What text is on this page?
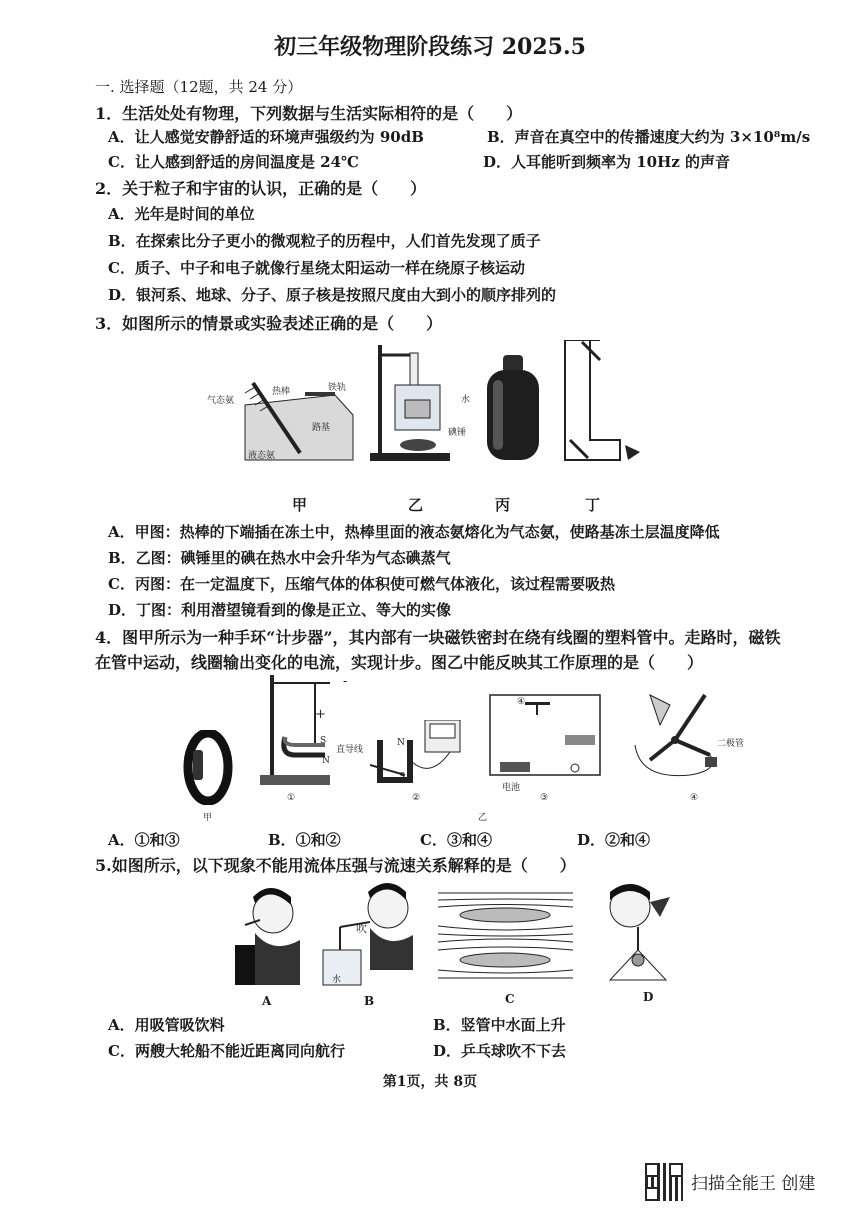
初三年级物理阶段练习 2025.5
一. 选择题（12题，共 24 分）
1．生活处处有物理，下列数据与生活实际相符的是（　　）
A．让人感觉安静舒适的环境声强级约为 90dB	B．声音在真空中的传播速度大约为 3×10⁸m/s
C．让人感到舒适的房间温度是 24℃	D．人耳能听到频率为 10Hz 的声音
2．关于粒子和宇宙的认识，正确的是（　　）
A．光年是时间的单位
B．在探索比分子更小的微观粒子的历程中，人们首先发现了质子
C．质子、中子和电子就像行星绕太阳运动一样在绕原子核运动
D．银河系、地球、分子、原子核是按照尺度由大到小的顺序排列的
3．如图所示的情景或实验表述正确的是（　　）
气态氨
热棒	铁轨
路基
液态氨
水
碘锤
甲	乙	丙	丁
A．甲图：热棒的下端插在冻土中，热棒里面的液态氨熔化为气态氨，使路基冻土层温度降低
B．乙图：碘锤里的碘在热水中会升华为气态碘蒸气
C．丙图：在一定温度下，压缩气体的体积使可燃气体液化，该过程需要吸热
D．丁图：利用潜望镜看到的像是正立、等大的实像
4．图甲所示为一种手环“计步器”，其内部有一块磁铁密封在绕有线圈的塑料管中。走路时，磁铁
在管中运动，线圈输出变化的电流，实现计步。图乙中能反映其工作原理的是（　　）
甲
+
-
S
N
直导线
①
N
S
②
④
电池
③
二极管
④
乙
A．①和③	B．①和②	C．③和④	D．②和④
5.如图所示，以下现象不能用流体压强与流速关系解释的是（　　）
A
吹
水
B	C	D
A．用吸管吸饮料	B．竖管中水面上升
C．两艘大轮船不能近距离同向航行	D．乒乓球吹不下去
第1页，共 8页
扫描全能王 创建
